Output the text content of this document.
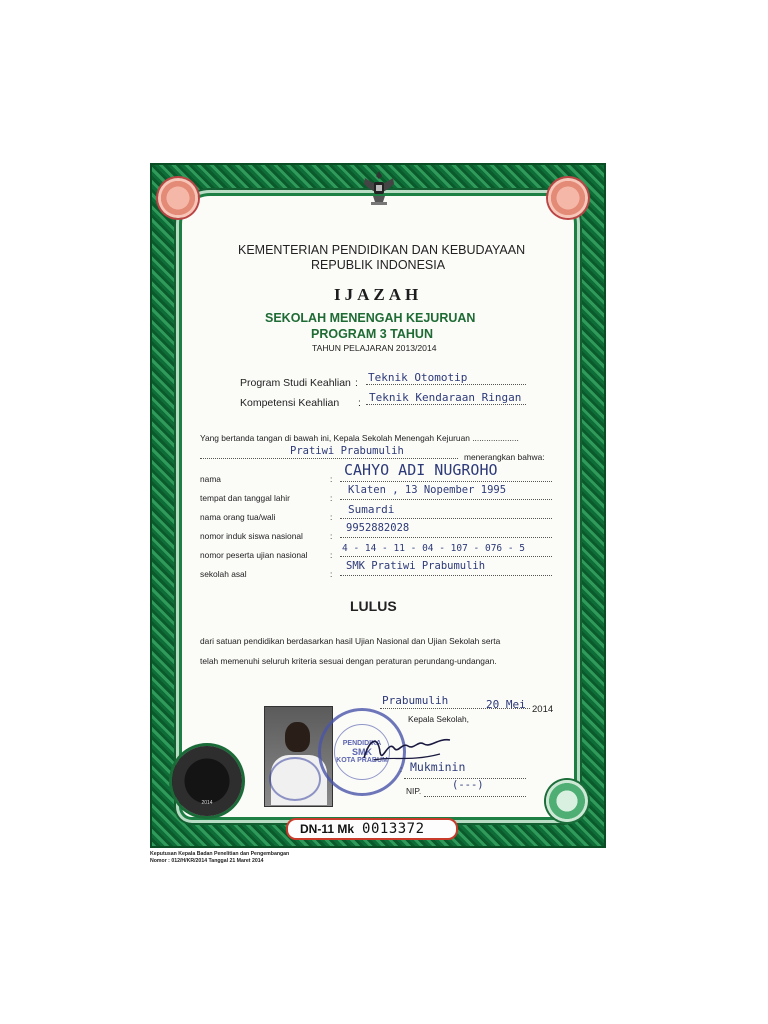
KEMENTERIAN PENDIDIKAN DAN KEBUDAYAAN
REPUBLIK INDONESIA
IJAZAH
SEKOLAH MENENGAH KEJURUAN
PROGRAM 3 TAHUN
TAHUN PELAJARAN 2013/2014
Program Studi Keahlian : Teknik Otomotip
Kompetensi Keahlian : Teknik Kendaraan Ringan
Yang bertanda tangan di bawah ini, Kepala Sekolah Menengah Kejuruan ....................
Pratiwi Prabumulih	menerangkan bahwa:
nama	: CAHYO ADI NUGROHO
tempat dan tanggal lahir	:
Klaten , 13 Nopember 1995
nama orang tua/wali	:
Sumardi
nomor induk siswa nasional	:
9952882028
nomor peserta ujian nasional	:
4 - 14 - 11 - 04 - 107 - 076 - 5
sekolah asal	:
SMK Pratiwi Prabumulih
LULUS
dari satuan pendidikan berdasarkan hasil Ujian Nasional dan Ujian Sekolah serta
telah memenuhi seluruh kriteria sesuai dengan peraturan perundang-undangan.
Prabumulih	20 Mei 2014
Kepala Sekolah,
PENDIDIKA
SMK
KOTA PRABUM
: Mukminin
NIP.	(---)
2014
DN-11 Mk 0013372
Keputusan Kepala Badan Penelitian dan Pengembangan
Nomor : 012/H/KR/2014 Tanggal 21 Maret 2014
